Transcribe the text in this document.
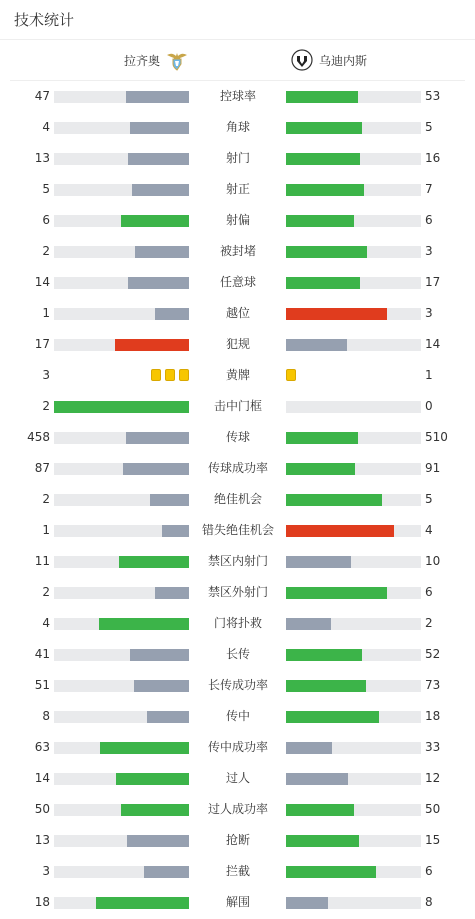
技术统计
拉齐奥	乌迪内斯
47	控球率	53
4	角球	5
13	射门	16
5	射正	7
6	射偏	6
2	被封堵	3
14	任意球	17
1	越位	3
17	犯规	14
3	黄牌	1
2	击中门框	0
458	传球	510
87	传球成功率	91
2	绝佳机会	5
1	错失绝佳机会	4
11	禁区内射门	10
2	禁区外射门	6
4	门将扑救	2
41	长传	52
51	长传成功率	73
8	传中	18
63	传中成功率	33
14	过人	12
50	过人成功率	50
13	抢断	15
3	拦截	6
18	解围	8
